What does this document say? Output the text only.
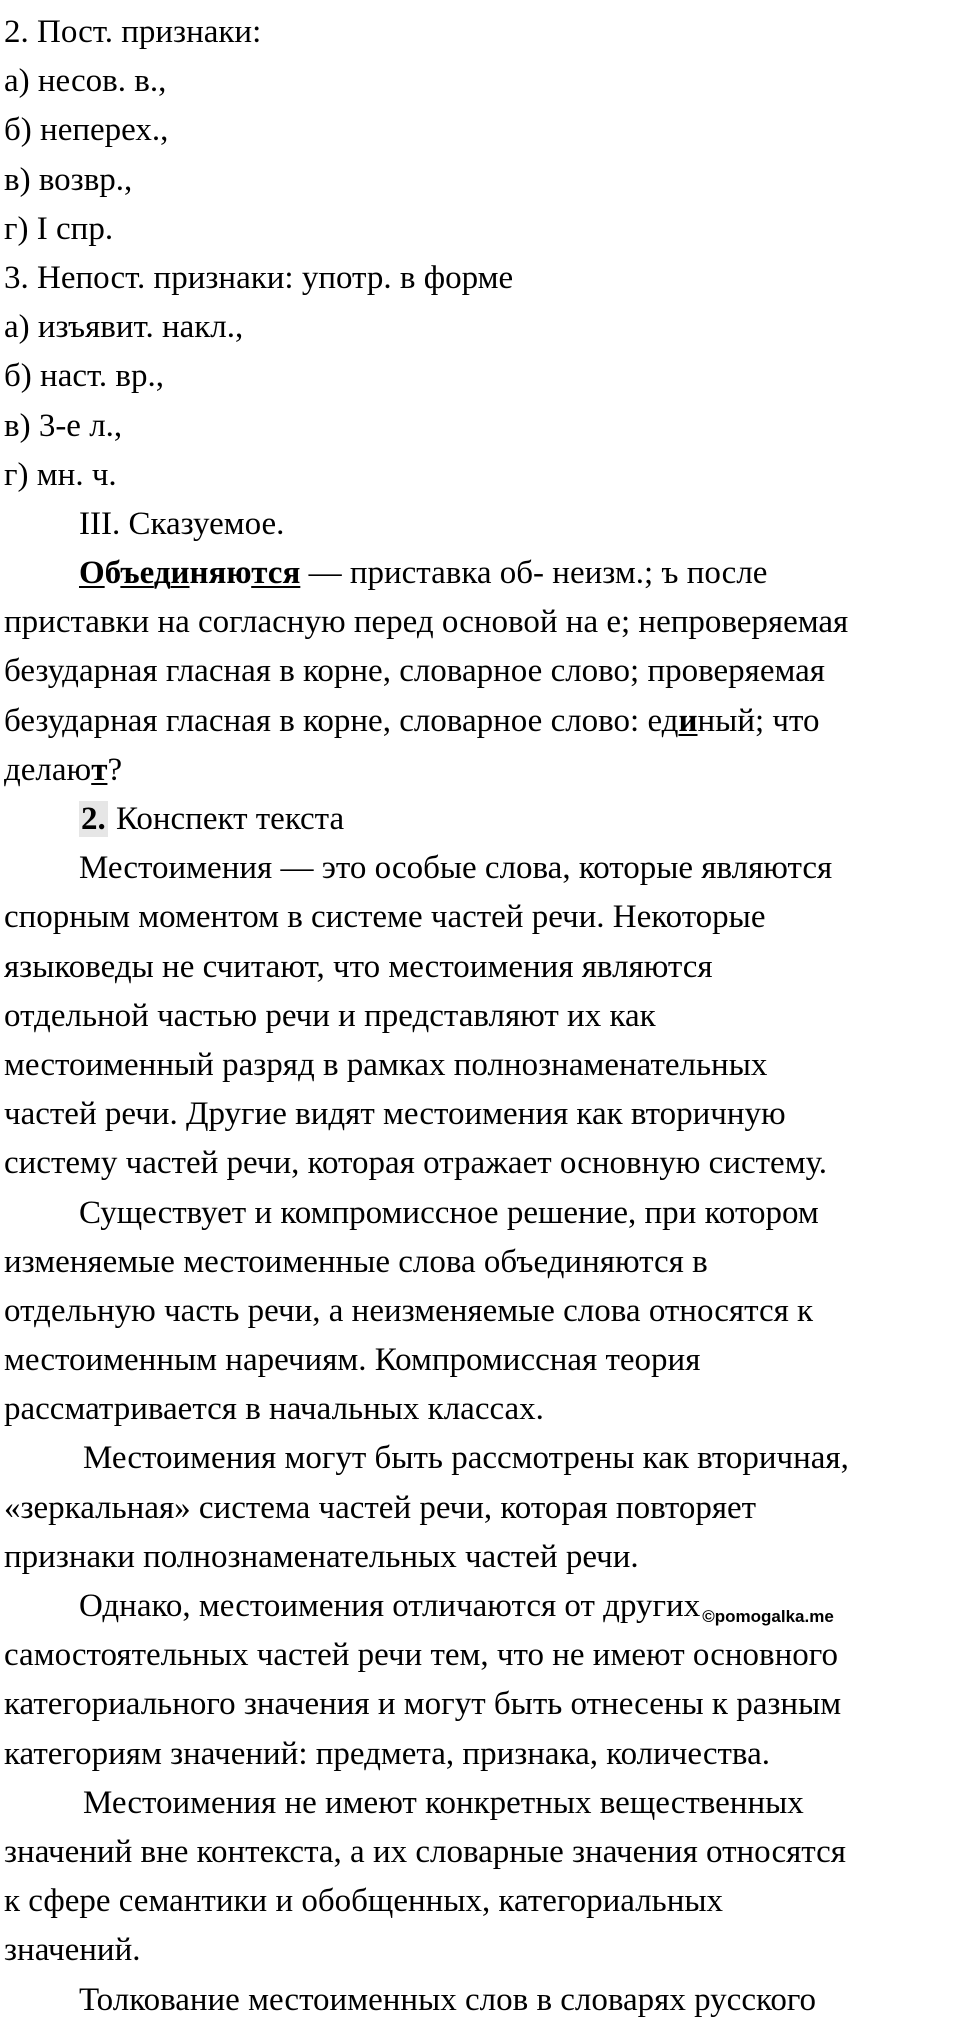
2. Пост. признаки:
а) несов. в.,
б) неперех.,
в) возвр.,
г) I спр.
3. Непост. признаки: употр. в форме
а) изъявит. накл.,
б) наст. вр.,
в) 3-е л.,
г) мн. ч.
III. Сказуемое.
Объединяются — приставка об- неизм.; ъ после
приставки на согласную перед основой на е; непроверяемая
безударная гласная в корне, словарное слово; проверяемая
безударная гласная в корне, словарное слово: единый; что
делают?
2. Конспект текста
Местоимения — это особые слова, которые являются
спорным моментом в системе частей речи. Некоторые
языковеды не считают, что местоимения являются
отдельной частью речи и представляют их как
местоименный разряд в рамках полнознаменательных
частей речи. Другие видят местоимения как вторичную
систему частей речи, которая отражает основную систему.
Существует и компромиссное решение, при котором
изменяемые местоименные слова объединяются в
отдельную часть речи, а неизменяемые слова относятся к
местоименным наречиям. Компромиссная теория
рассматривается в начальных классах.
Местоимения могут быть рассмотрены как вторичная,
«зеркальная» система частей речи, которая повторяет
признаки полнознаменательных частей речи.
Однако, местоимения отличаются от других ©pomogalka.me
самостоятельных частей речи тем, что не имеют основного
категориального значения и могут быть отнесены к разным
категориям значений: предмета, признака, количества.
Местоимения не имеют конкретных вещественных
значений вне контекста, а их словарные значения относятся
к сфере семантики и обобщенных, категориальных
значений.
Толкование местоименных слов в словарях русского
